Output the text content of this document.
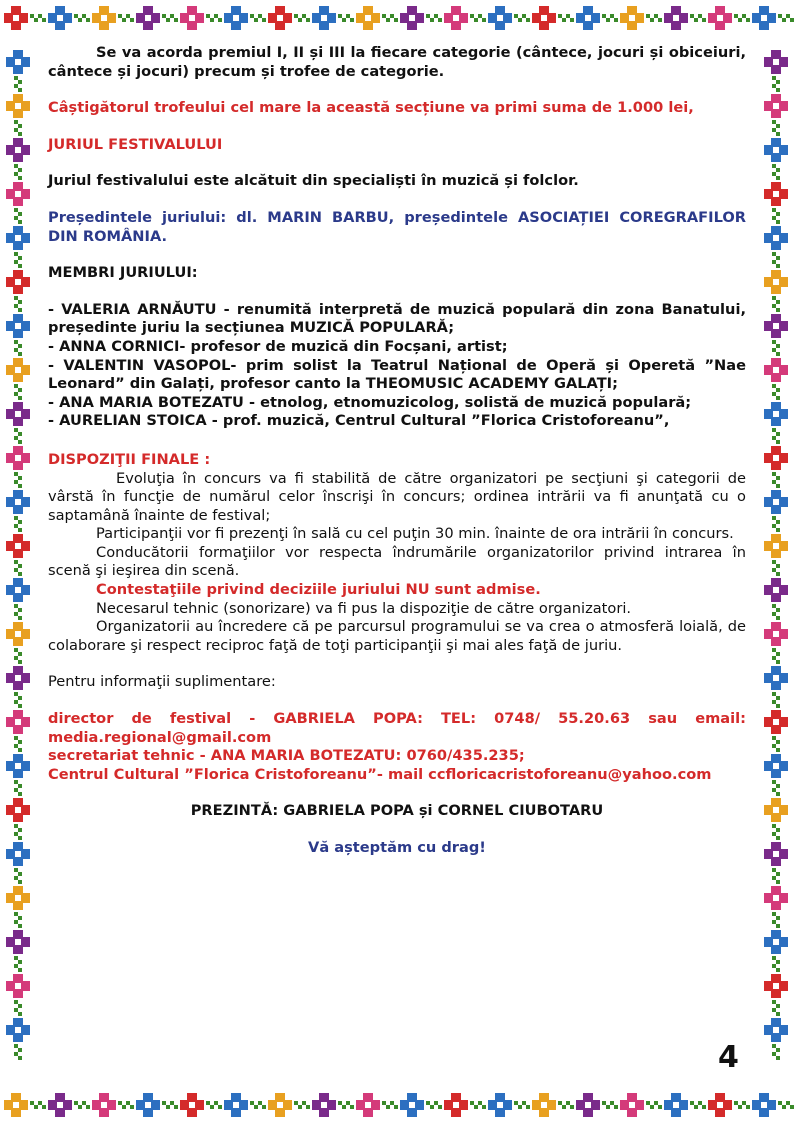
Se va acorda premiul I, II și III la fiecare categorie (cântece, jocuri și obiceiuri, cântece și jocuri) precum și trofee de categorie.

Câștigătorul trofeului cel mare la această secțiune va primi suma de 1.000 lei,

JURIUL FESTIVALULUI

Juriul festivalului este alcătuit din specialiști în muzică și folclor.

Președintele juriului: dl. MARIN BARBU, președintele ASOCIAȚIEI COREGRAFILOR DIN ROMÂNIA.

MEMBRI JURIULUI:

- VALERIA ARNĂUTU - renumită interpretă de muzică populară din zona Banatului, președinte juriu la secțiunea MUZICĂ POPULARĂ;

- ANNA CORNICI- profesor de muzică din Focșani, artist;

- VALENTIN VASOPOL- prim solist la Teatrul Național de Operă și Operetă ”Nae Leonard” din Galați, profesor canto la THEOMUSIC ACADEMY GALAȚI;

- ANA MARIA BOTEZATU - etnolog, etnomuzicolog, solistă de muzică populară;

- AURELIAN STOICA - prof. muzică, Centrul Cultural ”Florica Cristoforeanu”,

DISPOZIŢII FINALE :

Evoluţia în concurs va fi stabilită de către organizatori pe secţiuni şi categorii de vârstă în funcţie de numărul celor înscrişi în concurs; ordinea intrării va fi anunţată cu o saptamână înainte de festival;

Participanţii vor fi prezenţi în sală cu cel puţin 30 min. înainte de ora intrării în concurs.

Conducătorii formaţiilor vor respecta îndrumările organizatorilor privind intrarea în scenă şi ieşirea din scenă.

Contestaţiile privind deciziile juriului NU sunt admise.

Necesarul tehnic (sonorizare) va fi pus la dispoziţie de către organizatori.

Organizatorii au încredere că pe parcursul programului se va crea o atmosferă loială, de colaborare şi respect reciproc faţă de toţi participanţii şi mai ales faţă de juriu.

Pentru informaţii suplimentare:

director de festival - GABRIELA POPA: TEL: 0748/ 55.20.63 sau email: media.regional@gmail.com

secretariat tehnic - ANA MARIA BOTEZATU: 0760/435.235;

Centrul Cultural ”Florica Cristoforeanu”- mail ccfloricacristoforeanu@yahoo.com

PREZINTĂ: GABRIELA POPA și CORNEL CIUBOTARU

Vă așteptăm cu drag!

4
